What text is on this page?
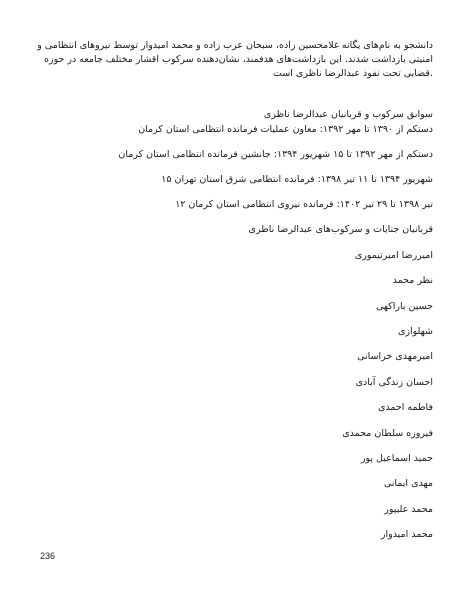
دانشجو به نام‌های یگانه غلامحسین زاده، سبحان عرب زاده و محمد امیدوار توسط نیروهای انتظامی و
امنیتی بازداشت شدند. این بازداشت‌های هدفمند، نشان‌دهنده سرکوب اقشار مختلف جامعه در حوزه
.قضایی تحت نفوذ عبدالرضا ناظری است
سوابق سرکوب و قربانیان عبدالرضا ناظری
دستکم از ۱۳۹۰ تا مهر ۱۳۹۲: معاون عملیات فرمانده انتظامی استان کرمان
دستکم از مهر ۱۳۹۲ تا ۱۵ شهریور ۱۳۹۴: جانشین فرمانده انتظامی استان کرمان
شهریور ۱۳۹۴ تا ۱۱ تیر ۱۳۹۸: فرمانده انتظامی شرق استان تهران ۱۵
تیر ۱۳۹۸ تا ۲۹ تیر ۱۴۰۲: فرمانده نیروی انتظامی استان کرمان ۱۲
قربانیان جنایات و سرکوب‌های عبدالرضا ناظری
امیررضا امیرتیموری
نظر محمد
حسین باراکهی
شهلوازی
امیرمهدی خراسانی
احسان زندگی آبادی
فاطمه احمدی
فیروزه سلطان محمدی
حمید اسماعیل پور
مهدی ایمانی
محمد علیپور
محمد امیدوار
236
